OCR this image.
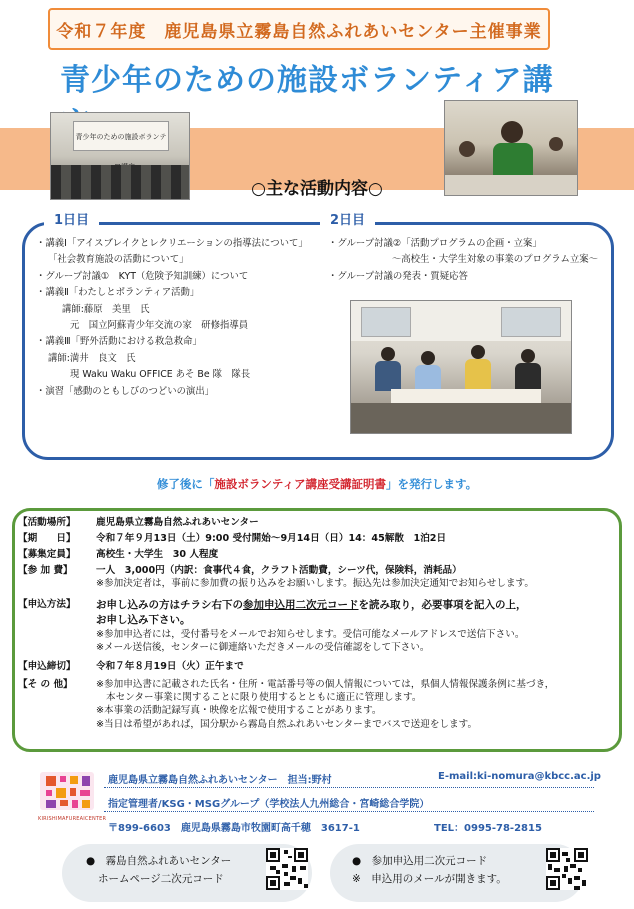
令和７年度　鹿児島県立霧島自然ふれあいセンター主催事業
青少年のための施設ボランティア講
青少年のための施設ボランテ
○主な活動内容○
1日目	2日目
・講義Ⅰ「アイスブレイクとレクリエーションの指導法について」
「社会教育施設の活動について」
・グループ討議①　KYT（危険予知訓練）について
・講義Ⅱ「わたしとボランティア活動」
講師:藤原　美里　氏
元　国立阿蘇青少年交流の家　研修指導員
・講義Ⅲ「野外活動における救急救命」
講師:満井　良文　氏
現 Waku Waku OFFICE あそ Be 隊　隊長
・演習「感動のともしびのつどいの演出」
・グループ討議②「活動プログラムの企画・立案」
～高校生・大学生対象の事業のプログラム立案～
・グループ討議の発表・質疑応答
修了後に「施設ボランティア講座受講証明書」を発行します。
【活動場所】	鹿児島県立霧島自然ふれあいセンター
【期　　日】	令和７年９月13日（土）9:00 受付開始～9月14日（日）14：45解散　1泊2日
【募集定員】	高校生・大学生　30 人程度
【参 加 費】	一人　3,000円（内訳：食事代４食，クラフト活動費，シーツ代，保険料，消耗品）
※参加決定者は，事前に参加費の振り込みをお願いします。振込先は参加決定通知でお知らせします。
【申込方法】	お申し込みの方はチラシ右下の参加申込用二次元コードを読み取り，必要事項を記入の上，
お申し込み下さい。
※参加申込者には，受付番号をメールでお知らせします。受信可能なメールアドレスで送信下さい。
※メール送信後，センターに御連絡いただきメールの受信確認をして下さい。
【申込締切】	令和７年８月19日（火）正午まで
【そ の 他】	※参加申込書に記載された氏名・住所・電話番号等の個人情報については，県個人情報保護条例に基づき，
本センター事業に関することに限り使用するとともに適正に管理します。
※本事業の活動記録写真・映像を広報で使用することがあります。
※当日は希望があれば，国分駅から霧島自然ふれあいセンターまでバスで送迎をします。
KIRISHIMAFUREAICENTER
鹿児島県立霧島自然ふれあいセンター　担当:野村	E-mail:ki-nomura@kbcc.ac.jp
指定管理者/KSG・MSGグループ（学校法人九州総合・宮崎総合学院）
〒899-6603　鹿児島県霧島市牧園町高千穂　3617-1	TEL：0995-78-2815
●　霧島自然ふれあいセンター
ホームページ二次元コード
●　参加申込用二次元コード
※　申込用のメールが開きます。
